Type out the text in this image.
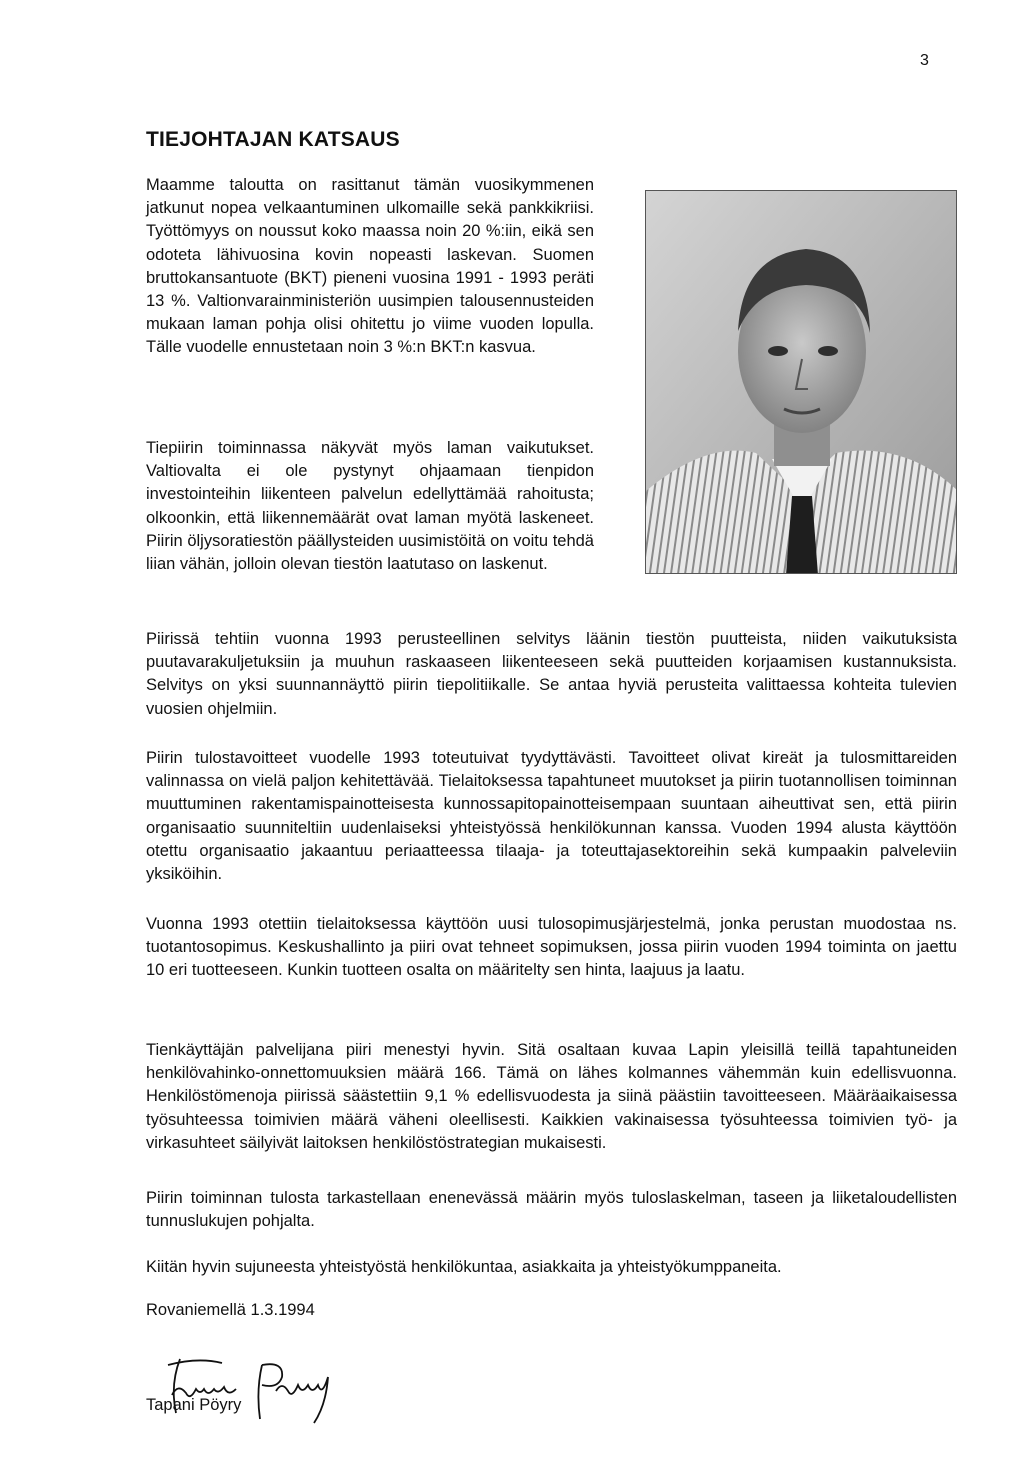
3
TIEJOHTAJAN KATSAUS

Maamme taloutta on rasittanut tämän vuosikymmenen jatkunut nopea velkaantuminen ulkomaille sekä pankkikriisi. Työttömyys on noussut koko maassa noin 20 %:iin, eikä sen odoteta lähivuosina kovin nopeasti laskevan. Suomen bruttokansantuote (BKT) pieneni vuosina 1991 - 1993 peräti 13 %. Valtionvarainministeriön uusimpien talousennusteiden mukaan laman pohja olisi ohitettu jo viime vuoden lopulla. Tälle vuodelle ennustetaan noin 3 %:n BKT:n kasvua.

Tiepiirin toiminnassa näkyvät myös laman vaikutukset. Valtiovalta ei ole pystynyt ohjaamaan tienpidon investointeihin liikenteen palvelun edellyttämää rahoitusta; olkoonkin, että liikennemäärät ovat laman myötä laskeneet. Piirin öljysoratiestön päällysteiden uusimistöitä on voitu tehdä liian vähän, jolloin olevan tiestön laatutaso on laskenut.

Piirissä tehtiin vuonna 1993 perusteellinen selvitys läänin tiestön puutteista, niiden vaikutuksista puutavarakuljetuksiin ja muuhun raskaaseen liikenteeseen sekä puutteiden korjaamisen kustannuksista. Selvitys on yksi suunnannäyttö piirin tiepolitiikalle. Se antaa hyviä perusteita valittaessa kohteita tulevien vuosien ohjelmiin.

Piirin tulostavoitteet vuodelle 1993 toteutuivat tyydyttävästi. Tavoitteet olivat kireät ja tulosmittareiden valinnassa on vielä paljon kehitettävää. Tielaitoksessa tapahtuneet muutokset ja piirin tuotannollisen toiminnan muuttuminen rakentamispainotteisesta kunnossapitopainotteisempaan suuntaan aiheuttivat sen, että piirin organisaatio suunniteltiin uudenlaiseksi yhteistyössä henkilökunnan kanssa. Vuoden 1994 alusta käyttöön otettu organisaatio jakaantuu periaatteessa tilaaja- ja toteuttajasektoreihin sekä kumpaakin palveleviin yksiköihin.

Vuonna 1993 otettiin tielaitoksessa käyttöön uusi tulosopimusjärjestelmä, jonka perustan muodostaa ns. tuotantosopimus. Keskushallinto ja piiri ovat tehneet sopimuksen, jossa piirin vuoden 1994 toiminta on jaettu 10 eri tuotteeseen. Kunkin tuotteen osalta on määritelty sen hinta, laajuus ja laatu.

Tienkäyttäjän palvelijana piiri menestyi hyvin. Sitä osaltaan kuvaa Lapin yleisillä teillä tapahtuneiden henkilövahinko-onnettomuuksien määrä 166. Tämä on lähes kolmannes vähemmän kuin edellisvuonna. Henkilöstömenoja piirissä säästettiin 9,1 % edellisvuodesta ja siinä päästiin tavoitteeseen. Määräaikaisessa työsuhteessa toimivien määrä väheni oleellisesti. Kaikkien vakinaisessa työsuhteessa toimivien työ- ja virkasuhteet säilyivät laitoksen henkilöstöstrategian mukaisesti.

Piirin toiminnan tulosta tarkastellaan enenevässä määrin myös tuloslaskelman, taseen ja liiketaloudellisten tunnuslukujen pohjalta.

Kiitän hyvin sujuneesta yhteistyöstä henkilökuntaa, asiakkaita ja yhteistyökumppaneita.

Rovaniemellä 1.3.1994

Tapani Pöyry
